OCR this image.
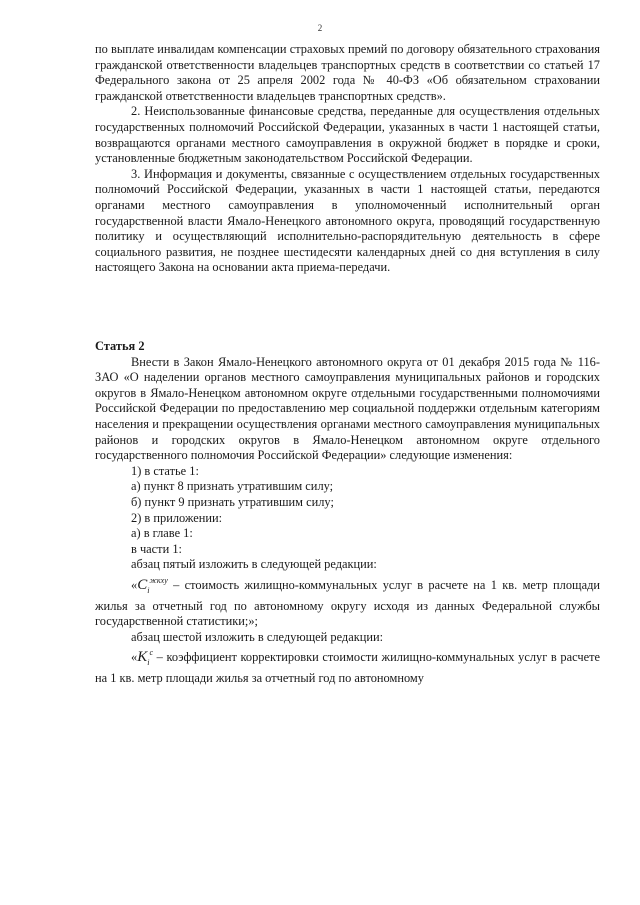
2

по выплате инвалидам компенсации страховых премий по договору обязательного страхования гражданской ответственности владельцев транспортных средств в соответствии со статьей 17 Федерального закона от 25 апреля 2002 года № 40-ФЗ «Об обязательном страховании гражданской ответственности владельцев транспортных средств».

2. Неиспользованные финансовые средства, переданные для осуществления отдельных государственных полномочий Российской Федерации, указанных в части 1 настоящей статьи, возвращаются органами местного самоуправления в окружной бюджет в порядке и сроки, установленные бюджетным законодательством Российской Федерации.

3. Информация и документы, связанные с осуществлением отдельных государственных полномочий Российской Федерации, указанных в части 1 настоящей статьи, передаются органами местного самоуправления в уполномоченный исполнительный орган государственной власти Ямало-Ненецкого автономного округа, проводящий государственную политику и осуществляющий исполнительно-распорядительную деятельность в сфере социального развития, не позднее шестидесяти календарных дней со дня вступления в силу настоящего Закона на основании акта приема-передачи.

Статья 2

Внести в Закон Ямало-Ненецкого автономного округа от 01 декабря 2015 года № 116-ЗАО «О наделении органов местного самоуправления муниципальных районов и городских округов в Ямало-Ненецком автономном округе отдельными государственными полномочиями Российской Федерации по предоставлению мер социальной поддержки отдельным категориям населения и прекращении осуществления органами местного самоуправления муниципальных районов и городских округов в Ямало-Ненецком автономном округе отдельного государственного полномочия Российской Федерации» следующие изменения:

1) в статье 1:

а) пункт 8 признать утратившим силу;

б) пункт 9 признать утратившим силу;

2) в приложении:

а) в главе 1:

в части 1:

абзац пятый изложить в следующей редакции:

«$C_i^{жкху}$ – стоимость жилищно-коммунальных услуг в расчете на 1 кв. метр площади жилья за отчетный год по автономному округу исходя из данных Федеральной службы государственной статистики;»;

абзац шестой изложить в следующей редакции:

«$K_i^c$ – коэффициент корректировки стоимости жилищно-коммунальных услуг в расчете на 1 кв. метр площади жилья за отчетный год по автономному
